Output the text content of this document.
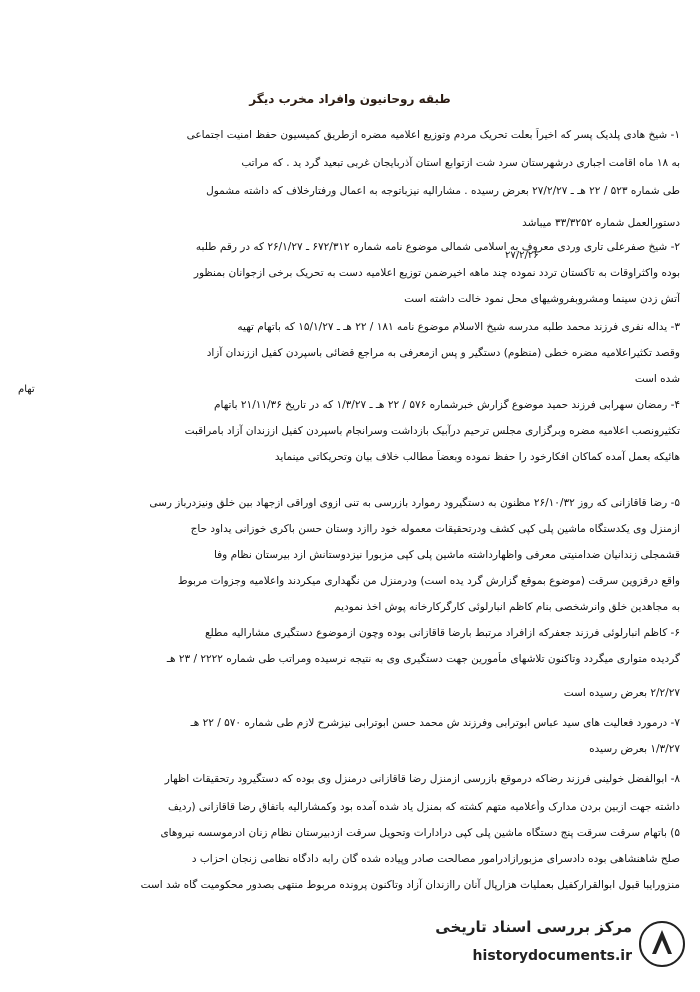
طبقه روحانیون وافراد مخرب دیگر
۱- شیخ هادی پلدیک پسر که اخیراً بعلت تحریک مردم وتوزیع اعلامیه مضره ازطریق کمیسیون حفظ امنیت اجتماعی
به ۱۸ ماه اقامت اجباری درشهرستان سرد شت ازتوابع استان آذربایجان غربی تبعید گرد ید . که مراتب
طی شماره ۵۲۳ / ۲۲ هـ ـ ۲۷/۲/۲۷ بعرض رسیده . مشارالیه نیزباتوجه به اعمال ورفتارخلاف که داشته مشمول
دستورالعمل شماره ۳۳/۳۲۵۲ میباشد
۲- شیخ صفرعلی تاری وردی معروف به اسلامی شمالی موضوع نامه شماره ۶۷۲/۳۱۲ ـ ۲۶/۱/۲۷ که در رقم طلبه
بوده واکثراوقات به تاکستان تردد نموده چند ماهه اخیرضمن توزیع اعلامیه دست به تحریک برخی ازجوانان بمنظور
آتش زدن سینما ومشروبفروشیهای محل نمود خالت داشته است
۳- یداله نفری فرزند محمد طلبه مدرسه شیخ الاسلام موضوع نامه ۱۸۱ / ۲۲ هـ ـ ۱۵/۱/۲۷ که باتهام تهیه
وقصد تکثیراعلامیه مضره خطی (منظوم) دستگیر و پس ازمعرفی به مراجع قضائی باسپردن کفیل اززندان آزاد
شده است
۴- رمضان سهرابی فرزند حمید موضوع گزارش خبرشماره ۵۷۶ / ۲۲ هـ ـ ۱/۳/۲۷ که در تاریخ ۲۱/۱۱/۳۶ باتهام
تکثیرونصب اعلامیه مضره وبرگزاری مجلس ترحیم درآبیک بازداشت وسرانجام باسپردن کفیل اززندان آزاد بامراقبت
هائیکه بعمل آمده کماکان افکارخود را حفظ نموده وبعضاً مطالب خلاف بیان وتحریکاتی مینماید
۵- رضا قاقازانی که روز ۲۶/۱۰/۳۲ مظنون به دستگیرود رموارد بازرسی به تنی ازوی اوراقی ازجهاد بین خلق ونیزدرباز رسی
ازمنزل وی یکدستگاه ماشین پلی کپی کشف ودرتحقیقات معموله خود راازد وستان حسن باکری خوزانی یداود حاج
قشمجلی زندانیان ضدامنیتی معرفی واظهارداشته ماشین پلی کپی مزبورا نیزدوستانش ازد بیرستان نظام وفا
واقع درقزوین سرقت (موضوع بموقع گزارش گرد یده است) ودرمنزل من نگهداری میکردند واعلامیه وجزوات مربوط
به مجاهدین خلق وانرشخصی بنام کاظم انبارلوئی کارگرکارخانه پوش اخذ نمودیم
۶- کاظم انبارلوئی فرزند جعفرکه ازافراد مرتبط بارضا قاقازانی بوده وچون ازموضوع دستگیری مشارالیه مطلع
گردیده متواری میگردد وتاکنون تلاشهای مأمورین جهت دستگیری وی به نتیجه نرسیده ومراتب طی شماره ۲۲۲۲ / ۲۳ هـ
۲/۲/۲۷ بعرض رسیده است
۷- درمورد فعالیت های سید عباس ابوترابی وفرزند ش محمد حسن ابوترابی نیزشرح لازم طی شماره ۵۷۰ / ۲۲ هـ
۱/۳/۲۷ بعرض رسیده
۸- ابوالفضل خولینی فرزند رضاکه درموقع بازرسی ازمنزل رضا قاقازانی درمنزل وی بوده که دستگیرود رتحقیقات اظهار
داشته جهت ازبین بردن مدارک وأعلامیه متهم کشته که بمنزل یاد شده آمده بود وکمشارالیه باتفاق رضا قاقازانی (ردیف
۵) باتهام سرقت سرقت پنج دستگاه ماشین پلی کپی درادارات وتحویل سرقت ازدبیرستان نظام زنان ادرموسسه نیروهای
صلح شاهنشاهی بوده دادسرای مزبورازادرامور مصالحت صادر وپیاده شده گان رابه دادگاه نظامی زنجان احزاب د
منزورایبا قبول ابوالقرارکفیل بعملیات هزارپال آنان راازندان آزاد وتاکنون پرونده مربوط منتهی بصدور محکومیت گاه شد است
تهام
۲۷/۲/۲۶
مرکز بررسی اسناد تاریخی
historydocuments.ir
